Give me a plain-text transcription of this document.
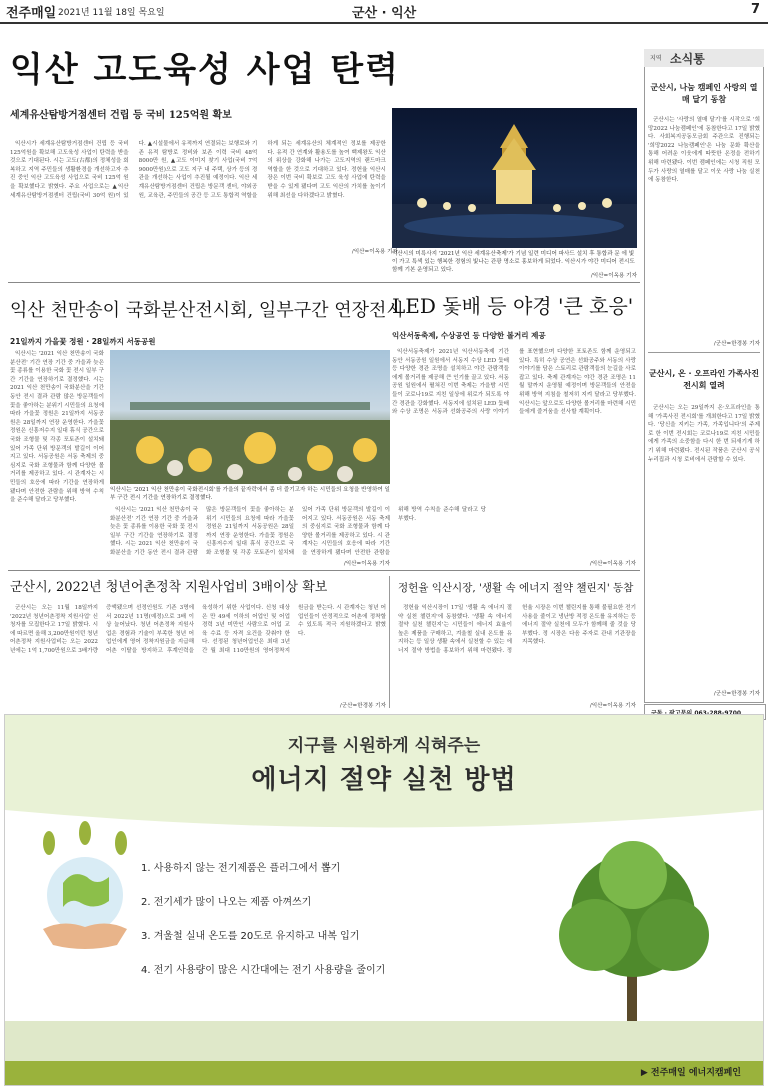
전주매일 2021년 11월 18일 목요일	군산 · 익산	7
익산 고도육성 사업 탄력
세계유산탐방거점센터 건립 등 국비 125억원 확보

익산시가 세계유산탐방거점센터 건립 등 국비 125억원을 확보해 고도육성 사업이 탄력을 받을 것으로 기대된다. 시는 고도(古都)의 정체성을 회복하고 지역 주민들의 생활환경을 개선하고자 추진 중인 익산 고도육성 사업으로 국비 125억 원을 확보했다고 밝혔다. 주요 사업으로는 ▲익산 세계유산탐방거점센터 건립(국비 30억 원)이 있다. ▲시설물에서 유적까지 연결되는 보행로와 기존 유적 탐방로 정비와 보존 이력 국비 48억 8000만 원, ▲고도 이미지 찾기 사업(국비 7억 9000만원)으로 고도 지구 내 주택, 상가 등의 경관을 개선하는 사업이 추진될 예정이다. 익산 세계유산탐방거점센터 건립은 방문객 센터, 야외공원, 교육관, 주민들의 공간 등 고도 통합적 역할을 하게 되는 세계유산의 체계적인 정보를 제공한다. 유적 간 연계와 활용도를 높여 백제왕도 익산의 위상을 강화해 나가는 고도지역의 랜드마크 역할을 한 것으로 기대하고 있다. 정헌율 익산시장은 이번 국비 확보로 고도 육성 사업에 탄력을 받을 수 있게 됐다며 고도 익산의 가치를 높이기 위해 최선을 다하겠다고 밝혔다.

/익산=이옥용 기자
익산시의 미륵사지 '2021년 익산 세계유산축제'가 기념 일련 미디어 파사드 설치 후 통합과 문 에 빛이 가고 특색 있는 행복한 경험의 빛나는 관광 명소로 홍보하게 되었다. 익산시가 야간 미디어 전시도 함께 기본 운영되고 있다.
/익산=이옥용 기자
익산 천만송이 국화분산전시회, 일부구간 연장전시
21일까지 가을꽃 정원 · 28일까지 서동공원

익산시는 '2021 익산 천만송이 국화분산전' 기간 연장 기간 중 가을과 늦은 꽃 종류를 이용한 국화 꽃 전시 일부 구간 기간을 연장하기로 결정했다. 시는 2021 익산 천만송이 국화분산을 기간 동안 전시 결과 관람 많은 방문객들이 꽃을 좋아하는 분위기 시민들의 요청에 따라 가을꽃 정원은 21일까지 서동공원은 28일까지 연장 운영한다. 가을꽃 정원은 신흥저수지 일대 휴식 공간으로 국화 조형물 및 각종 포토존이 설치돼 있어 가족 단위 방문객의 발길이 이어지고 있다. 서동공원은 서동 축제의 중심지로 국화 조형물과 함께 다양한 볼거리를 제공하고 있다. 시 관계자는 시민들의 호응에 따라 기간을 연장하게 됐다며 안전한 관람을 위해 방역 수칙을 준수해 달라고 당부했다.

익산시는 '2021 익산 천만송이 국화전시회'를 가을의 끝자락에서 좀 더 즐기고자 하는 시민들의 요청을 반영하여 일부 구간 전시 기간을 연장하기로 결정했다.

익산시는 '2021 익산 천만송이 국화분산전' 기간 연장 기간 중 가을과 늦은 꽃 종류를 이용한 국화 꽃 전시 일부 구간 기간을 연장하기로 결정했다. 시는 2021 익산 천만송이 국화분산을 기간 동안 전시 결과 관람 많은 방문객들이 꽃을 좋아하는 분위기 시민들의 요청에 따라 가을꽃 정원은 21일까지 서동공원은 28일까지 연장 운영한다. 가을꽃 정원은 신흥저수지 일대 휴식 공간으로 국화 조형물 및 각종 포토존이 설치돼 있어 가족 단위 방문객의 발길이 이어지고 있다. 서동공원은 서동 축제의 중심지로 국화 조형물과 함께 다양한 볼거리를 제공하고 있다. 시 관계자는 시민들의 호응에 따라 기간을 연장하게 됐다며 안전한 관람을 위해 방역 수칙을 준수해 달라고 당부했다.

/익산=이옥용 기자
LED 돛배 등 야경 '큰 호응'
익산서동축제, 수상공연 등 다양한 볼거리 제공

익산서동축제가 2021년 익산서동축제 기간 동안 서동공원 일원에서 서동지 수상 LED 돛배 등 다양한 경관 조명을 설치하고 야간 관람객들에게 볼거리를 제공해 큰 인기를 끌고 있다. 서동공원 일원에서 펼쳐진 이번 축제는 가을밤 시민들이 코로나19로 지친 일상에 위로가 되도록 야간 경관을 강화했다. 서동지에 설치된 LED 돛배와 수상 조명은 서동과 선화공주의 사랑 이야기를 표현했으며 다양한 포토존도 함께 운영되고 있다. 특히 수상 공연은 선화공주와 서동의 사랑 이야기를 담은 스토리로 관람객들의 눈길을 사로잡고 있다. 축제 관계자는 야간 경관 조명은 11월 말까지 운영될 예정이며 방문객들의 안전을 위해 방역 지침을 철저히 지켜 달라고 당부했다. 익산시는 앞으로도 다양한 볼거리를 마련해 시민들에게 즐거움을 선사할 계획이다.

/익산=이옥용 기자
군산시, 2022년 청년어촌정착 지원사업비 3배이상 확보

군산시는 오는 11월 18일까지 '2022년 청년어촌정착 지원사업' 신청자를 모집한다고 17일 밝혔다. 시에 따르면 올해 3,200만원이던 청년 어촌정착 지원사업비는 오는 2022년에는 1억 1,700만원으로 3배가량 증액됐으며 선정인원도 기존 3명에서 2022년 11명(예정)으로 3배 이상 늘어났다. 청년 어촌정착 지원사업은 경험과 기술이 부족한 청년 어업인에게 영어 정착지원금을 지급해 어촌 이탈을 방지하고 후계인력을 육성하기 위한 사업이다. 신청 대상은 만 49세 이하의 어업인 및 어업 경력 3년 미만인 사람으로 어업 교육 수료 등 자격 요건을 갖춰야 한다. 선정된 청년어업인은 최대 3년간 월 최대 110만원의 영어정착지원금을 받는다. 시 관계자는 청년 어업인들이 안정적으로 어촌에 정착할 수 있도록 적극 지원하겠다고 밝혔다.

/군산=한경봉 기자
정헌율 익산시장, '생활 속 에너지 절약 챌린지' 동참

정헌율 익산시장이 17일 '생활 속 에너지 절약 실천 챌린지'에 동참했다. '생활 속 에너지 절약 실천 챌린지'는 시민들이 에너지 효율이 높은 제품을 구매하고, 겨울철 실내 온도를 유지하는 등 일상 생활 속에서 실천할 수 있는 에너지 절약 방법을 홍보하기 위해 마련됐다. 정헌율 시장은 이번 챌린지를 통해 불필요한 전기 사용을 줄이고 냉난방 적정 온도를 유지하는 등 에너지 절약 실천에 모두가 함께해 줄 것을 당부했다. 정 시장은 다음 주자로 관내 기관장을 지목했다.

/익산=이옥용 기자
지역 소식통
군산시, 나눔 캠페인 사랑의 열매 달기 동참

군산시는 '사랑의 열매 달기'를 시작으로 '희망2022 나눔캠페인'에 동참한다고 17일 밝혔다. 사회복지공동모금회 주관으로 진행되는 '희망2022 나눔캠페인'은 나눔 문화 확산을 통해 어려운 이웃에게 따뜻한 온정을 전하기 위해 마련됐다. 이번 캠페인에는 시청 직원 모두가 사랑의 열매를 달고 이웃 사랑 나눔 실천에 동참한다.

/군산=한경봉 기자
군산시, 온 · 오프라인 가족사진 전시회 열려

군산시는 오는 29일까지 온·오프라인을 통해 '가족사진 전시회'를 개최한다고 17일 밝혔다. '당신을 지키는 가족, 가족입니다'의 주제로 한 이번 전시회는 코로나19로 지친 시민들에게 가족의 소중함을 다시 한 번 되새기게 하기 위해 마련됐다. 전시된 작품은 군산시 공식 누리집과 시청 로비에서 관람할 수 있다.

/군산=한경봉 기자
지구를 시원하게 식혀주는
에너지 절약 실천 방법
1. 사용하지 않는 전기제품은 플러그에서 뽑기
2. 전기세가 많이 나오는 제품 아껴쓰기
3. 겨울철 실내 온도를 20도로 유지하고 내복 입기
4. 전기 사용량이 많은 시간대에는 전기 사용량을 줄이기
▶ 전주매일 에너지캠페인
